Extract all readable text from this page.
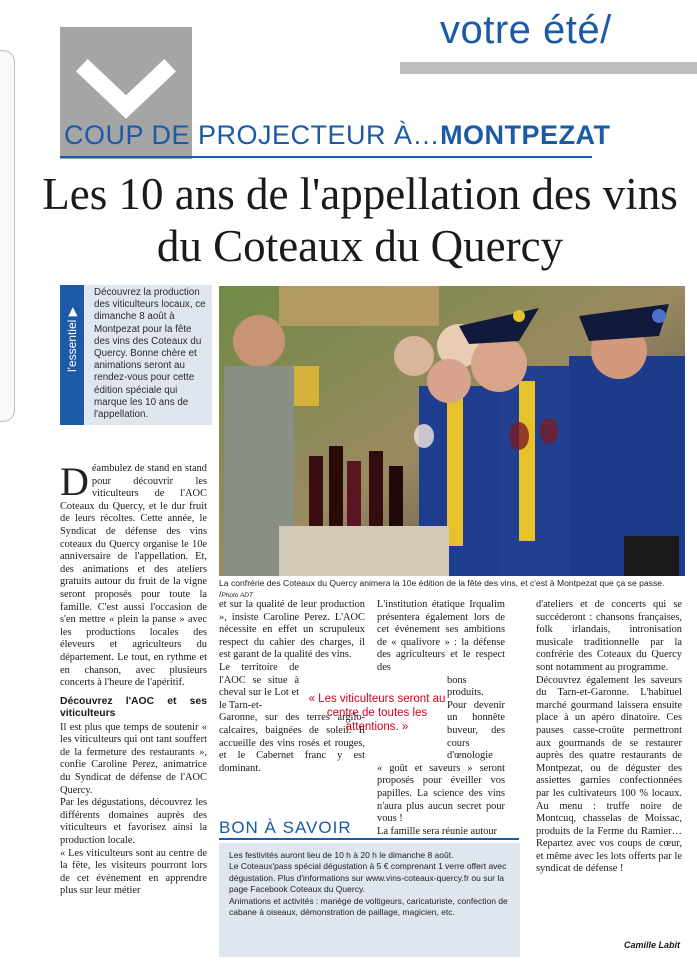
votre été/
COUP DE PROJECTEUR À…MONTPEZAT
Les 10 ans de l'appellation des vins du Coteaux du Quercy
l'essentiel ▶
Découvrez la production des viticulteurs locaux, ce dimanche 8 août à Montpezat pour la fête des vins des Coteaux du Quercy. Bonne chère et animations seront au rendez-vous pour cette édition spéciale qui marque les 10 ans de l'appellation.
La confrérie des Coteaux du Quercy animera la 10e édition de la fête des vins, et c'est à Montpezat que ça se passe. /Photo ADT

Déambulez de stand en stand pour découvrir les viticulteurs de l'AOC Coteaux du Quercy, et le dur fruit de leurs récoltes. Cette année, le Syndicat de défense des vins coteaux du Quercy organise le 10e anniversaire de l'appellation. Et, des animations et des ateliers gratuits autour du fruit de la vigne seront proposés pour toute la famille. C'est aussi l'occasion de s'en mettre « plein la panse » avec les productions locales des éleveurs et agriculteurs du département. Le tout, en rythme et en chanson, avec plusieurs concerts à l'heure de l'apéritif.

Découvrez l'AOC et ses viticulteurs

Il est plus que temps de soutenir « les viticulteurs qui ont tant souffert de la fermeture des restaurants », confie Caroline Perez, animatrice du Syndicat de défense de l'AOC Quercy.

Par les dégustations, découvrez les différents domaines auprès des viticulteurs et favorisez ainsi la production locale.

« Les viticulteurs sont au centre de la fête, les visiteurs pourront lors de cet événement en apprendre plus sur leur métier

et sur la qualité de leur production », insiste Caroline Perez. L'AOC nécessite en effet un scrupuleux respect du cahier des charges, il est garant de la qualité des vins.

Le territoire de l'AOC se situe à cheval sur le Lot et le Tarn-et-

Garonne, sur des terres argilo-calcaires, baignées de soleil. Il accueille des vins rosés et rouges, et le Cabernet franc y est dominant.

« Les viticulteurs seront au centre de toutes les attentions. »

L'institution étatique Irqualim présentera également lors de cet événement ses ambitions de « qualivore » : la défense des agriculteurs et le respect des

bons produits. Pour devenir un honnête buveur, des cours d'œnologie

« goût et saveurs » seront proposés pour éveiller vos papilles. La science des vins n'aura plus aucun secret pour vous !

La famille sera réunie autour

d'ateliers et de concerts qui se succéderont : chansons françaises, folk irlandais, intronisation musicale traditionnelle par la confrérie des Coteaux du Quercy sont notamment au programme.

Découvrez également les saveurs du Tarn-et-Garonne. L'habituel marché gourmand laissera ensuite place à un apéro dinatoire. Ces pauses casse-croûte permettront aux gourmands de se restaurer auprès des quatre restaurants de Montpezat, ou de déguster des assiettes garnies confectionnées par les cultivateurs 100 % locaux. Au menu : truffe noire de Montcuq, chasselas de Moissac, produits de la Ferme du Ramier… Repartez avec vos coups de cœur, et même avec les lots offerts par le syndicat de défense !

Camille Labit
BON À SAVOIR

Les festivités auront lieu de 10 h à 20 h le dimanche 8 août.

Le Coteaux'pass spécial dégustation à 5 € comprenant 1 verre offert avec dégustation. Plus d'informations sur www.vins-coteaux-quercy.fr ou sur la page Facebook Coteaux du Quercy.

Animations et activités : manège de voltigeurs, caricaturiste, confection de cabane à oiseaux, démonstration de paillage, magicien, etc.
